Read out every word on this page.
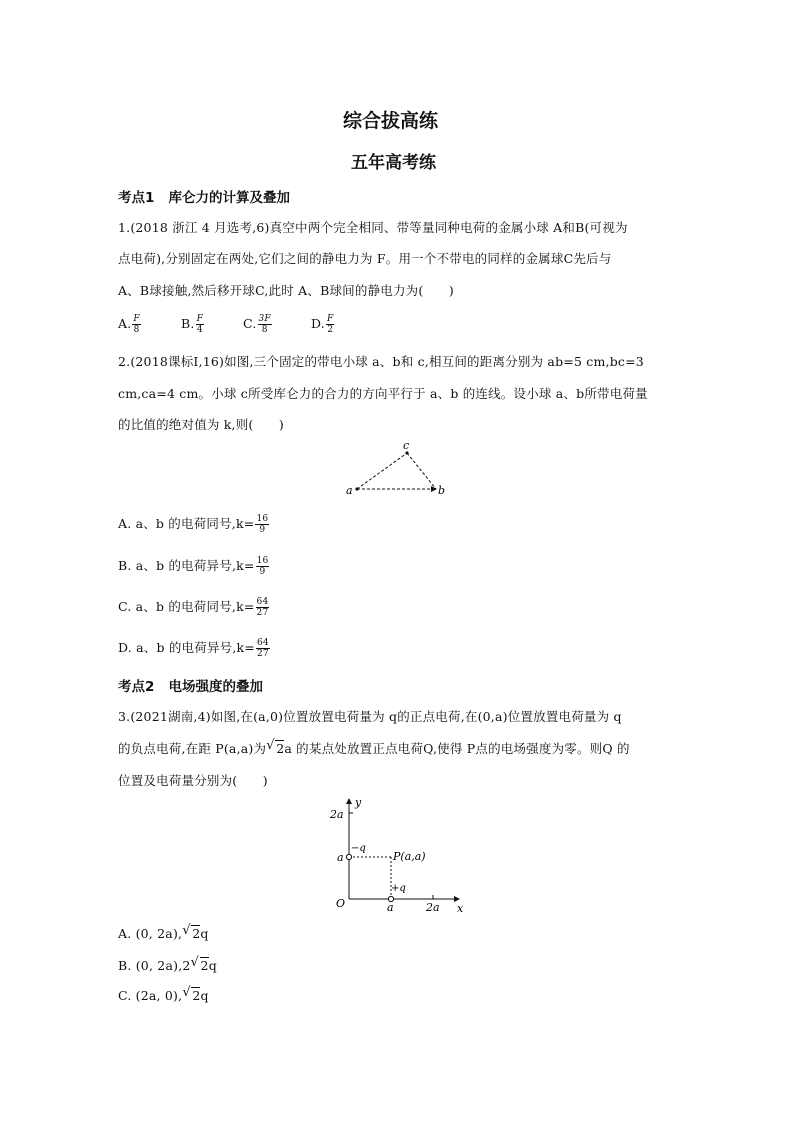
综合拔高练
五年高考练
考点1 库仑力的计算及叠加
1.(2018 浙江 4 月选考,6)真空中两个完全相同、带等量同种电荷的金属小球 A和B(可视为
点电荷),分别固定在两处,它们之间的静电力为 F。用一个不带电的同样的金属球C先后与
A、B球接触,然后移开球C,此时 A、B球间的静电力为(　　)
A. $\frac{F}{8}$	B. $\frac{F}{4}$	C. $\frac{3F}{8}$	D. $\frac{F}{2}$
2.(2018课标Ⅰ,16)如图,三个固定的带电小球 a、b和 c,相互间的距离分别为 ab=5 cm,bc=3
cm,ca=4 cm。小球 c所受库仑力的合力的方向平行于 a、b 的连线。设小球 a、b所带电荷量
的比值的绝对值为 k,则(　　)
a
c
b
A. a、b 的电荷同号$,k= \frac{16}{9}$
B. a、b 的电荷异号$,k= \frac{16}{9}$
C. a、b 的电荷同号$,k= \frac{64}{27}$
D. a、b 的电荷异号$,k= \frac{64}{27}$
考点2 电场强度的叠加
3.(2021湖南,4)如图,在(a,0)位置放置电荷量为 q的正点电荷,在(0,a)位置放置电荷量为 q
的负点电荷,在距 P(a,a)为 √ 2a 的某点处放置正点电荷Q,使得 P点的电场强度为零。则Q 的
位置及电荷量分别为(　　)
y
x
O
2a
a
a	2a
−q
+q
P(a,a)
A. (0, 2a), √ 2q
B. (0, 2a),2 √ 2q
C. (2a, 0), √ 2q
